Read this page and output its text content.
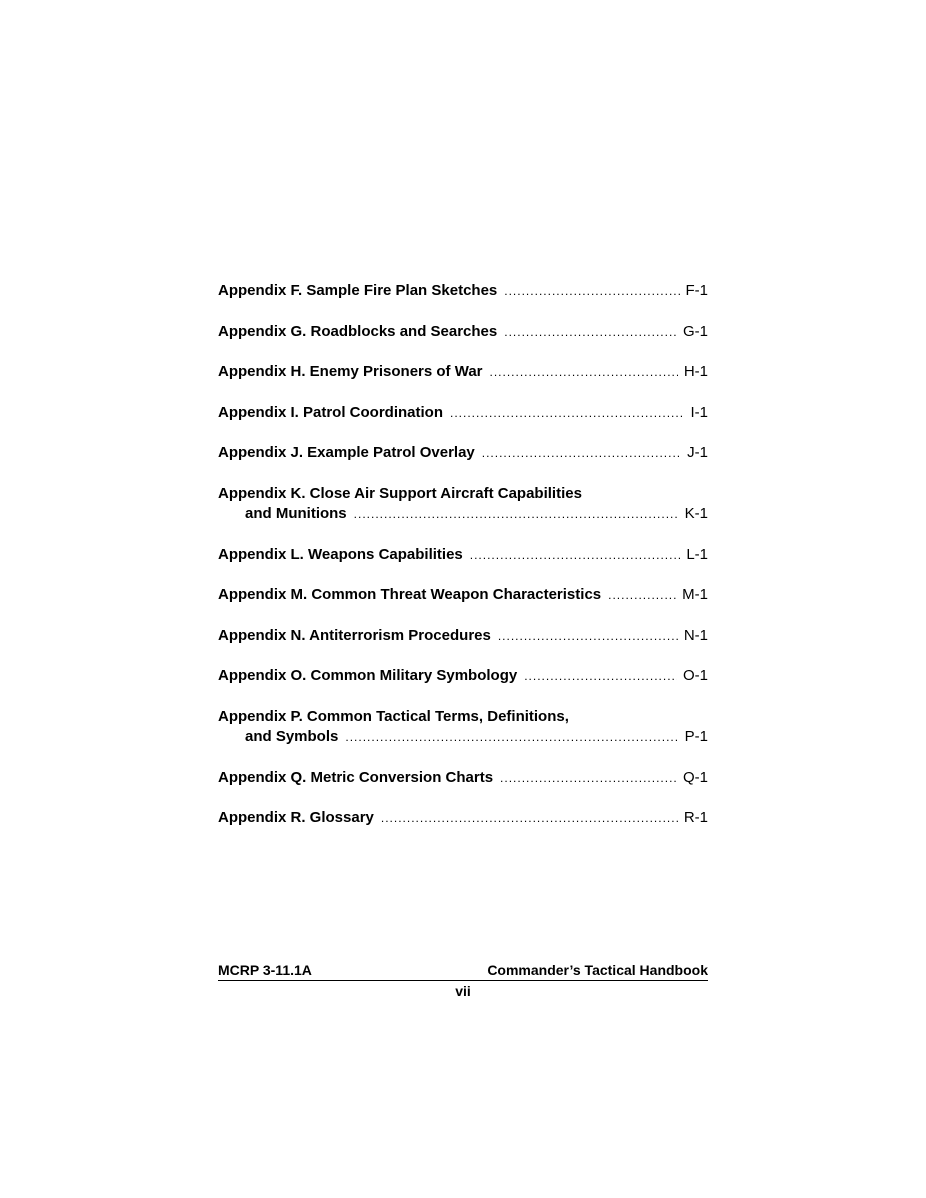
Appendix F. Sample Fire Plan Sketches .....	F-1
Appendix G. Roadblocks and Searches .....	G-1
Appendix H. Enemy Prisoners of War .....	H-1
Appendix I. Patrol Coordination .....	I-1
Appendix J. Example Patrol Overlay .....	J-1
Appendix K. Close Air Support Aircraft Capabilities
and Munitions .....	K-1
Appendix L. Weapons Capabilities .....	L-1
Appendix M. Common Threat Weapon Characteristics .....	M-1
Appendix N. Antiterrorism Procedures .....	N-1
Appendix O. Common Military Symbology .....	O-1
Appendix P. Common Tactical Terms, Definitions,
and Symbols .....	P-1
Appendix Q. Metric Conversion Charts .....	Q-1
Appendix R. Glossary .....	R-1
MCRP 3-11.1A	Commander’s Tactical Handbook
vii
